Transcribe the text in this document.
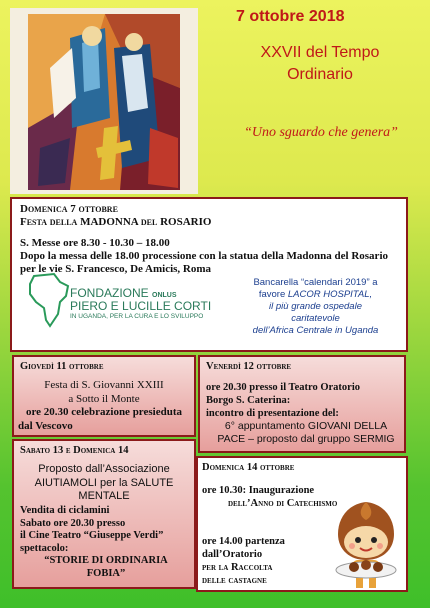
7 ottobre 2018
XXVII del Tempo
Ordinario
“Uno sguardo che genera”
Domenica 7 ottobre
Festa della MADONNA del ROSARIO
S. Messe ore 8.30 - 10.30 – 18.00
Dopo la messa delle 18.00 processione con la statua della Madonna del Rosario per le vie S. Francesco, De Amicis, Roma
FONDAZIONE ONLUS
PIERO E LUCILLE CORTI
IN UGANDA, PER LA CURA E LO SVILUPPO
Bancarella “calendari 2019” a
favore LACOR HOSPITAL,
il più grande ospedale
caritatevole
dell’Africa Centrale in Uganda
Giovedì 11 ottobre
Festa di S. Giovanni XXIII
a Sotto il Monte
ore 20.30 celebrazione presieduta
dal Vescovo
Venerdì 12 ottobre
ore 20.30 presso il Teatro Oratorio
Borgo S. Caterina:
incontro di presentazione del:
6° appuntamento GIOVANI DELLA
PACE – proposto dal gruppo SERMIG
Sabato 13 e Domenica 14
Proposto dall’Associazione
AIUTIAMOLI per la SALUTE
MENTALE
Vendita di ciclamini
Sabato ore 20.30 presso
il Cine Teatro “Giuseppe Verdi”
spettacolo:
“STORIE DI ORDINARIA
FOBIA”
Domenica 14 ottobre
ore 10.30: Inaugurazione
dell’Anno di Catechismo
ore 14.00 partenza
dall’Oratorio
per la Raccolta
delle castagne
